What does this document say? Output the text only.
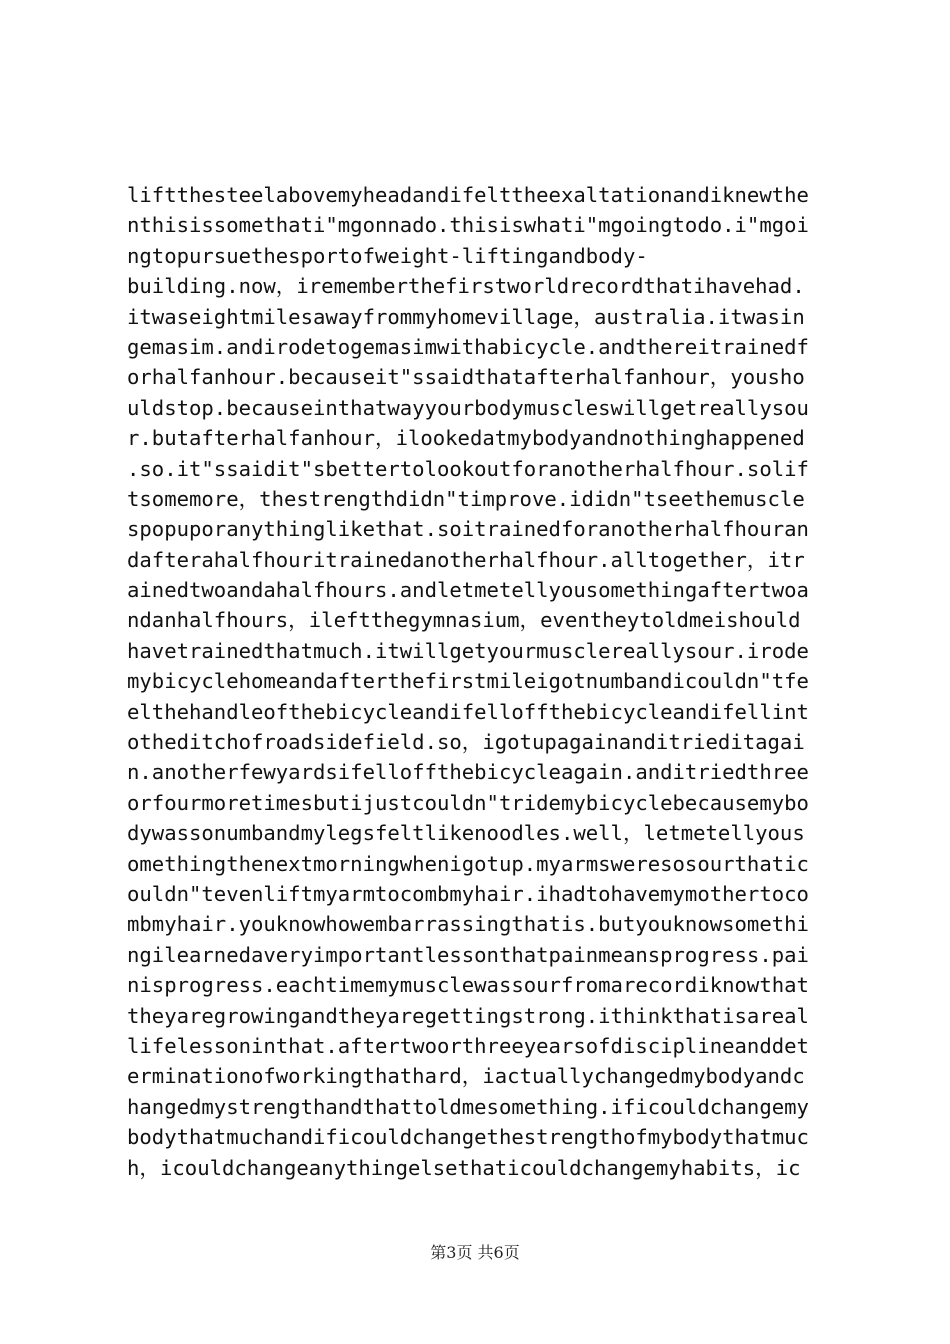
liftthesteelabovemyheadandifelttheexaltationandiknewthe
nthisissomethati"mgonnado.thisiswhati"mgoingtodo.i"mgoi
ngtopursuethesportofweight-liftingandbody-
building.now，irememberthefirstworldrecordthatihavehad.
itwaseightmilesawayfrommyhomevillage，australia.itwasin
gemasim.andirodetogemasimwithabicycle.andthereitrainedf
orhalfanhour.becauseit"ssaidthatafterhalfanhour，yousho
uldstop.becauseinthatwayyourbodymuscleswillgetreallysou
r.butafterhalfanhour，ilookedatmybodyandnothinghappened
.so.it"ssaidit"sbettertolookoutforanotherhalfhour.solif
tsomemore，thestrengthdidn"timprove.ididn"tseethemuscle
spopuporanythinglikethat.soitrainedforanotherhalfhouran
dafterahalfhouritrainedanotherhalfhour.alltogether，itr
ainedtwoandahalfhours.andletmetellyousomethingaftertwoa
ndanhalfhours，ileftthegymnasium，eventheytoldmeishould
havetrainedthatmuch.itwillgetyourmusclereallysour.irode
mybicyclehomeandafterthefirstmileigotnumbandicouldn"tfe
elthehandleofthebicycleandifelloffthebicycleandifellint
otheditchofroadsidefield.so，igotupagainanditrieditagai
n.anotherfewyardsifelloffthebicycleagain.anditriedthree
orfourmoretimesbutijustcouldn"tridemybicyclebecausemybo
dywassonumbandmylegsfeltlikenoodles.well，letmetellyous
omethingthenextmorningwhenigotup.myarmsweresosourthatic
ouldn"tevenliftmyarmtocombmyhair.ihadtohavemymothertoco
mbmyhair.youknowhowembarrassingthatis.butyouknowsomethi
ngilearnedaveryimportantlessonthatpainmeansprogress.pai
nisprogress.eachtimemymusclewassourfromarecordiknowthat
theyaregrowingandtheyaregettingstrong.ithinkthatisareal
lifelessoninthat.aftertwoorthreeyearsofdisciplineanddet
erminationofworkingthathard，iactuallychangedmybodyandc
hangedmystrengthandthattoldmesomething.ificouldchangemy
bodythatmuchandificouldchangethestrengthofmybodythatmuc
h，icouldchangeanythingelsethaticouldchangemyhabits，ic
第3页 共6页
